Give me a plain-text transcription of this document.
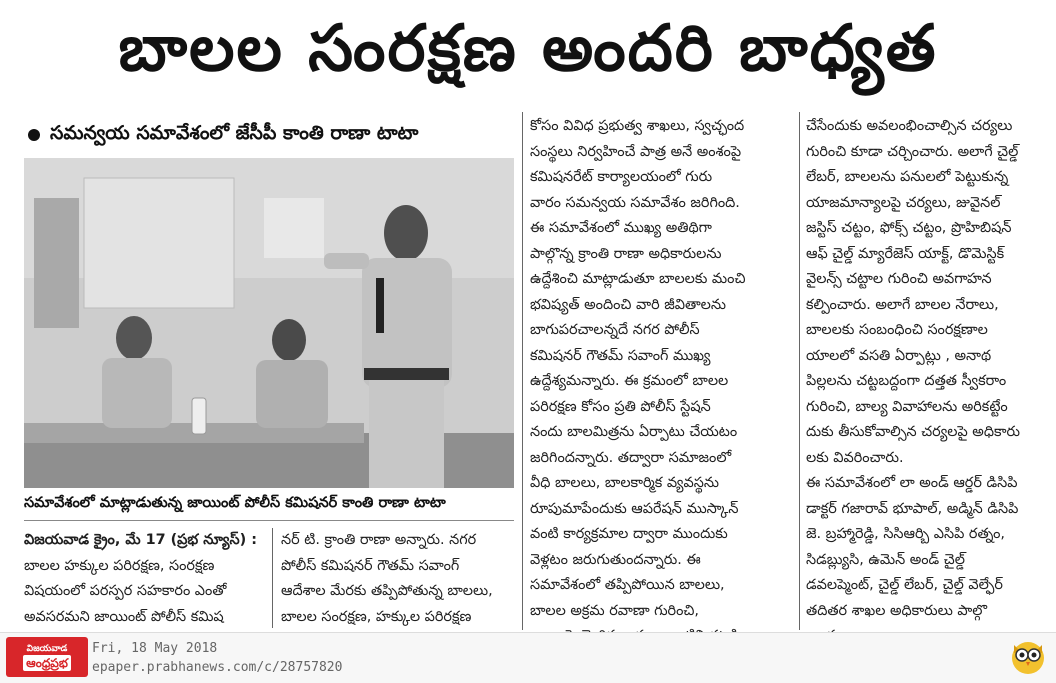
బాలల సంరక్షణ అందరి బాధ్యత
సమన్వయ సమావేశంలో జేసీపీ కాంతి రాణా టాటా
సమావేశంలో మాట్లాడుతున్న జాయింట్ పోలీస్ కమిషనర్ కాంతి రాణా టాటా

విజయవాడ క్రైం, మే 17 (ప్రభ న్యూస్) :

బాలల హక్కుల పరిరక్షణ, సంరక్షణ

విషయంలో పరస్పర సహకారం ఎంతో

అవసరమని జాయింట్ పోలీస్ కమిష

నర్ టి. క్రాంతి రాణా అన్నారు. నగర

పోలీస్ కమిషనర్ గౌతమ్ సవాంగ్

ఆదేశాల మేరకు తప్పిపోతున్న బాలలు,

బాలల సంరక్షణ, హక్కుల పరిరక్షణ

కోసం వివిధ ప్రభుత్వ శాఖలు, స్వచ్ఛంద

సంస్థలు నిర్వహించే పాత్ర అనే అంశంపై

కమిషనరేట్ కార్యాలయంలో గురు

వారం సమన్వయ సమావేశం జరిగింది.

ఈ సమావేశంలో ముఖ్య అతిథిగా

పాల్గొన్న క్రాంతి రాణా అధికారులను

ఉద్దేశించి మాట్లాడుతూ బాలలకు మంచి

భవిష్యత్ అందించి వారి జీవితాలను

బాగుపరచాలన్నదే నగర పోలీస్

కమిషనర్ గౌతమ్ సవాంగ్ ముఖ్య

ఉద్దేశ్యమన్నారు. ఈ క్రమంలో బాలల

పరిరక్షణ కోసం ప్రతి పోలీస్ స్టేషన్

నందు బాలమిత్రను ఏర్పాటు చేయటం

జరిగిందన్నారు. తద్వారా సమాజంలో

వీధి బాలలు, బాలకార్మిక వ్యవస్థను

రూపుమాపేందుకు ఆపరేషన్ ముస్కాన్

వంటి కార్యక్రమాల ద్వారా ముందుకు

వెళ్లటం జరుగుతుందన్నారు. ఈ

సమావేశంలో తప్పిపోయిన బాలలు,

బాలల అక్రమ రవాణా గురించి,

చేసేందుకు అవలంభించాల్సిన చర్యలు

గురించి కూడా చర్చించారు. అలాగే చైల్డ్

లేబర్, బాలలను పనులలో పెట్టుకున్న

యాజమాన్యాలపై చర్యలు, జువైనల్

జస్టిస్ చట్టం, ఫోక్స్ చట్టం, ప్రొహిబిషన్

ఆఫ్ చైల్డ్ మ్యారేజెస్ యాక్ట్, డొమెస్టిక్

వైలన్స్ చట్టాల గురించి అవగాహన

కల్పించారు. అలాగే బాలల నేరాలు,

బాలలకు సంబంధించి సంరక్షణాల

యాలలో వసతి ఏర్పాట్లు , అనాథ

పిల్లలను చట్టబద్దంగా దత్తత స్వీకరాం

గురించి, బాల్య వివాహాలను అరికట్టేం

దుకు తీసుకోవాల్సిన చర్యలపై అధికారు

లకు వివరించారు.

ఈ సమావేశంలో లా అండ్ ఆర్డర్ డిసిపి

డాక్టర్ గజారావ్ భూపాల్, అడ్మిన్ డిసిపి

జె. బ్రహ్మారెడ్డి, సిసిఆర్బి ఎసిపి రత్నం,

సిడబ్ల్యుసి, ఉమెన్ అండ్ చైల్డ్

డవలప్మెంట్, చైల్డ్ లేబర్, చైల్డ్ వెల్ఫేర్

తదితర శాఖల అధికారులు పాల్గొ

విజయవాడ
ఆంధ్రప్రభ
Fri, 18 May 2018
epaper.prabhanews.com/c/28757820
